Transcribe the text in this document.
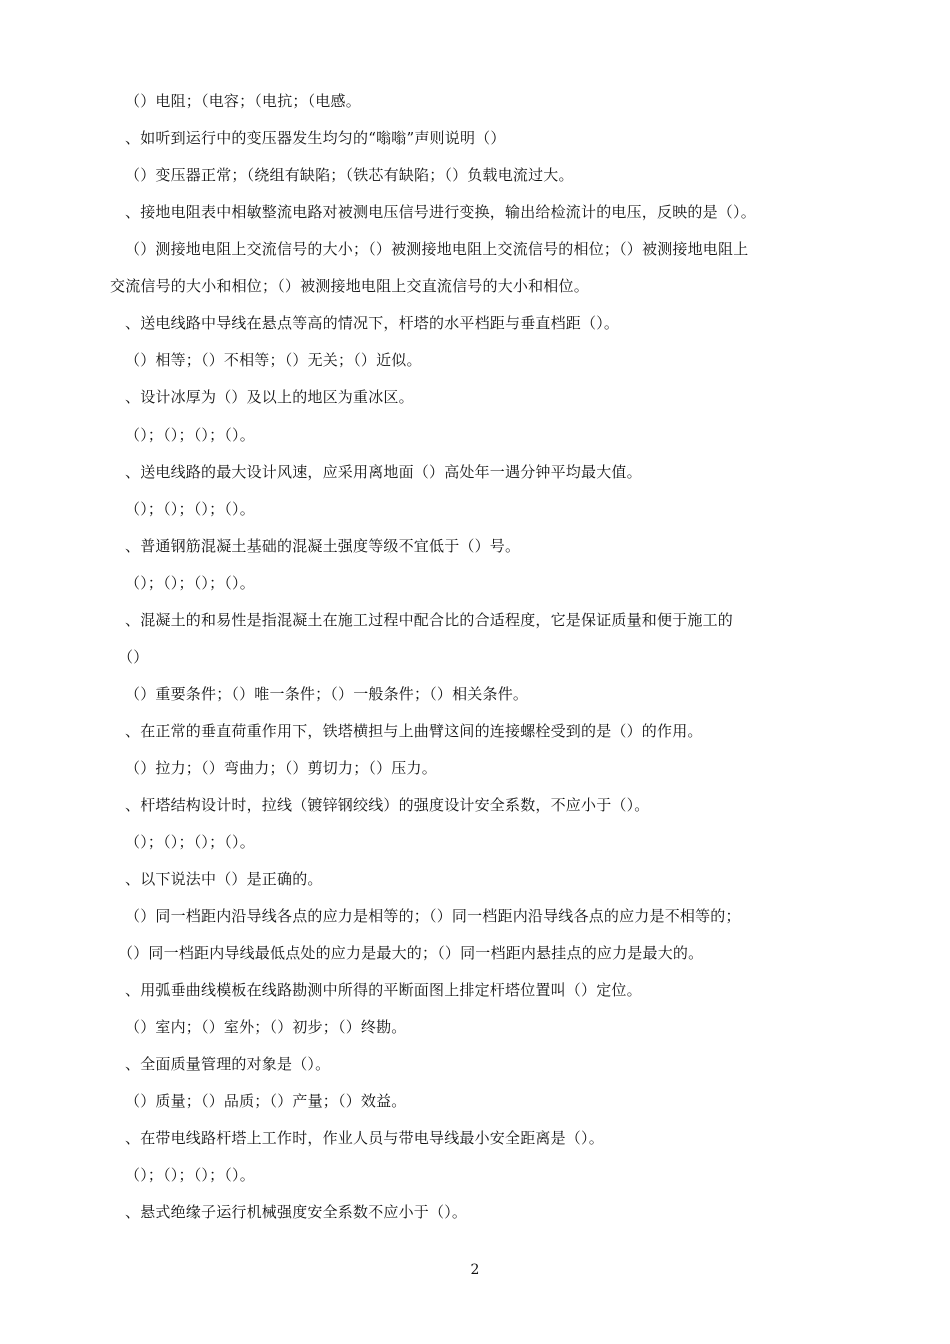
（）电阻；（电容；（电抗；（电感。
、如听到运行中的变压器发生均匀的“嗡嗡”声则说明（）
（）变压器正常；（绕组有缺陷；（铁芯有缺陷；（）负载电流过大。
、接地电阻表中相敏整流电路对被测电压信号进行变换，输出给检流计的电压，反映的是（）。
（）测接地电阻上交流信号的大小；（）被测接地电阻上交流信号的相位；（）被测接地电阻上
交流信号的大小和相位；（）被测接地电阻上交直流信号的大小和相位。
、送电线路中导线在悬点等高的情况下，杆塔的水平档距与垂直档距（）。
（）相等；（）不相等；（）无关；（）近似。
、设计冰厚为（）及以上的地区为重冰区。
（）；（）；（）；（）。
、送电线路的最大设计风速，应采用离地面（）高处年一遇分钟平均最大值。
（）；（）；（）；（）。
、普通钢筋混凝土基础的混凝土强度等级不宜低于（）号。
（）；（）；（）；（）。
、混凝土的和易性是指混凝土在施工过程中配合比的合适程度，它是保证质量和便于施工的
（）
（）重要条件；（）唯一条件；（）一般条件；（）相关条件。
、在正常的垂直荷重作用下，铁塔横担与上曲臂这间的连接螺栓受到的是（）的作用。
（）拉力；（）弯曲力；（）剪切力；（）压力。
、杆塔结构设计时，拉线（镀锌钢绞线）的强度设计安全系数，不应小于（）。
（）；（）；（）；（）。
、以下说法中（）是正确的。
（）同一档距内沿导线各点的应力是相等的；（）同一档距内沿导线各点的应力是不相等的；
（）同一档距内导线最低点处的应力是最大的；（）同一档距内悬挂点的应力是最大的。
、用弧垂曲线模板在线路勘测中所得的平断面图上排定杆塔位置叫（）定位。
（）室内；（）室外；（）初步；（）终勘。
、全面质量管理的对象是（）。
（）质量；（）品质；（）产量；（）效益。
、在带电线路杆塔上工作时，作业人员与带电导线最小安全距离是（）。
（）；（）；（）；（）。
、悬式绝缘子运行机械强度安全系数不应小于（）。
2
